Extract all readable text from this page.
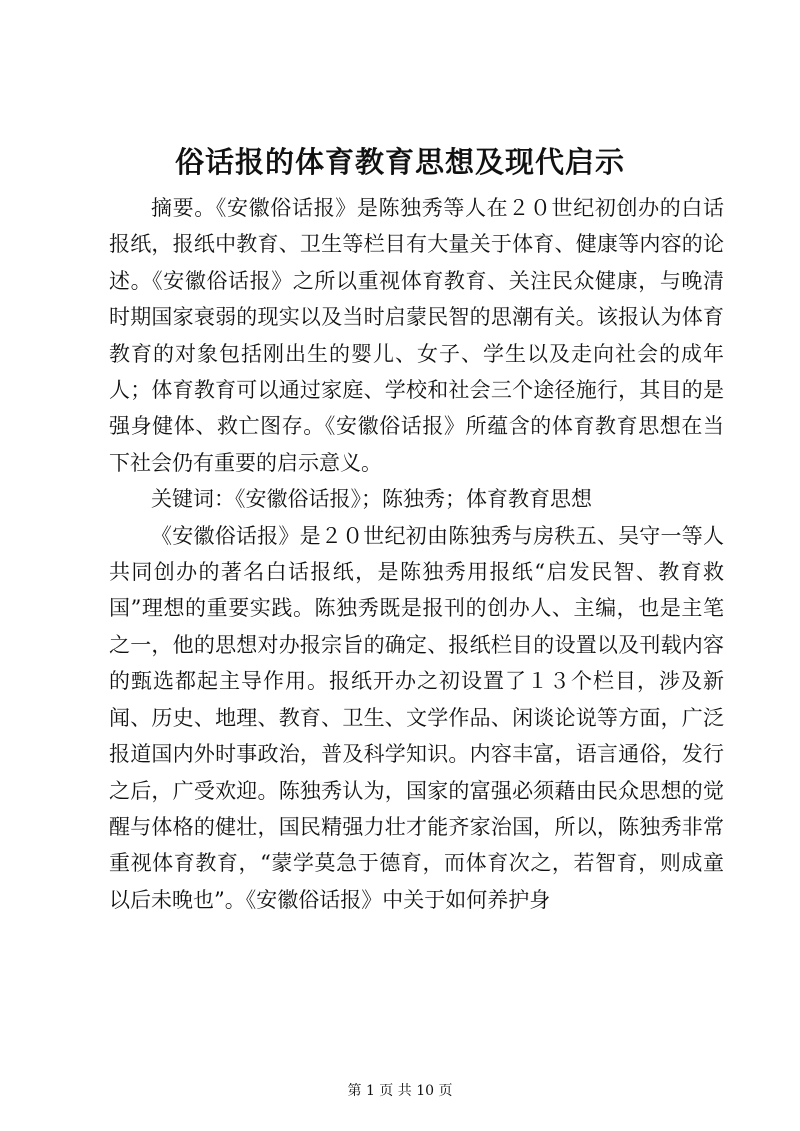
俗话报的体育教育思想及现代启示

摘要。《安徽俗话报》是陈独秀等人在２０世纪初创办的白话报纸，报纸中教育、卫生等栏目有大量关于体育、健康等内容的论述。《安徽俗话报》之所以重视体育教育、关注民众健康，与晚清时期国家衰弱的现实以及当时启蒙民智的思潮有关。该报认为体育教育的对象包括刚出生的婴儿、女子、学生以及走向社会的成年人；体育教育可以通过家庭、学校和社会三个途径施行，其目的是强身健体、救亡图存。《安徽俗话报》所蕴含的体育教育思想在当下社会仍有重要的启示意义。

关键词：《安徽俗话报》；陈独秀；体育教育思想

《安徽俗话报》是２０世纪初由陈独秀与房秩五、吴守一等人共同创办的著名白话报纸，是陈独秀用报纸“启发民智、教育救国”理想的重要实践。陈独秀既是报刊的创办人、主编，也是主笔之一，他的思想对办报宗旨的确定、报纸栏目的设置以及刊载内容的甄选都起主导作用。报纸开办之初设置了１３个栏目，涉及新闻、历史、地理、教育、卫生、文学作品、闲谈论说等方面，广泛报道国内外时事政治，普及科学知识。内容丰富，语言通俗，发行之后，广受欢迎。陈独秀认为，国家的富强必须藉由民众思想的觉醒与体格的健壮，国民精强力壮才能齐家治国，所以，陈独秀非常重视体育教育，“蒙学莫急于德育，而体育次之，若智育，则成童以后未晚也”。《安徽俗话报》中关于如何养护身

第 1 页 共 10 页
